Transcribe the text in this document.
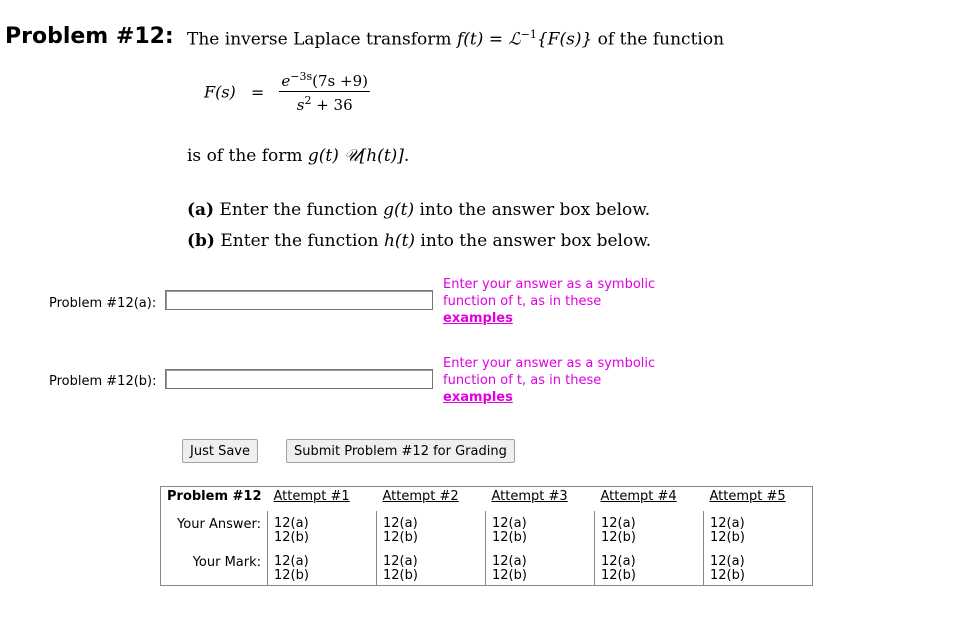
Problem #12: The inverse Laplace transform f(t) = ℒ$^{-1}${F(s)} of the function
$F(s) = \frac{e^{-3s}(7s +9)}{s^2 + 36}$
is of the form g(t) 𝒰[h(t)].
(a) Enter the function g(t) into the answer box below.
(b) Enter the function h(t) into the answer box below.
Problem #12(a):
Enter your answer as a symbolic function of t, as in these
examples
Problem #12(b):
Enter your answer as a symbolic function of t, as in these
examples
Just Save	Submit Problem #12 for Grading
Problem #12	Attempt #1	Attempt #2	Attempt #3	Attempt #4	Attempt #5
Your Answer:	12(a)
12(b)	12(a)
12(b)	12(a)
12(b)	12(a)
12(b)	12(a)
12(b)
Your Mark:	12(a)
12(b)	12(a)
12(b)	12(a)
12(b)	12(a)
12(b)	12(a)
12(b)
